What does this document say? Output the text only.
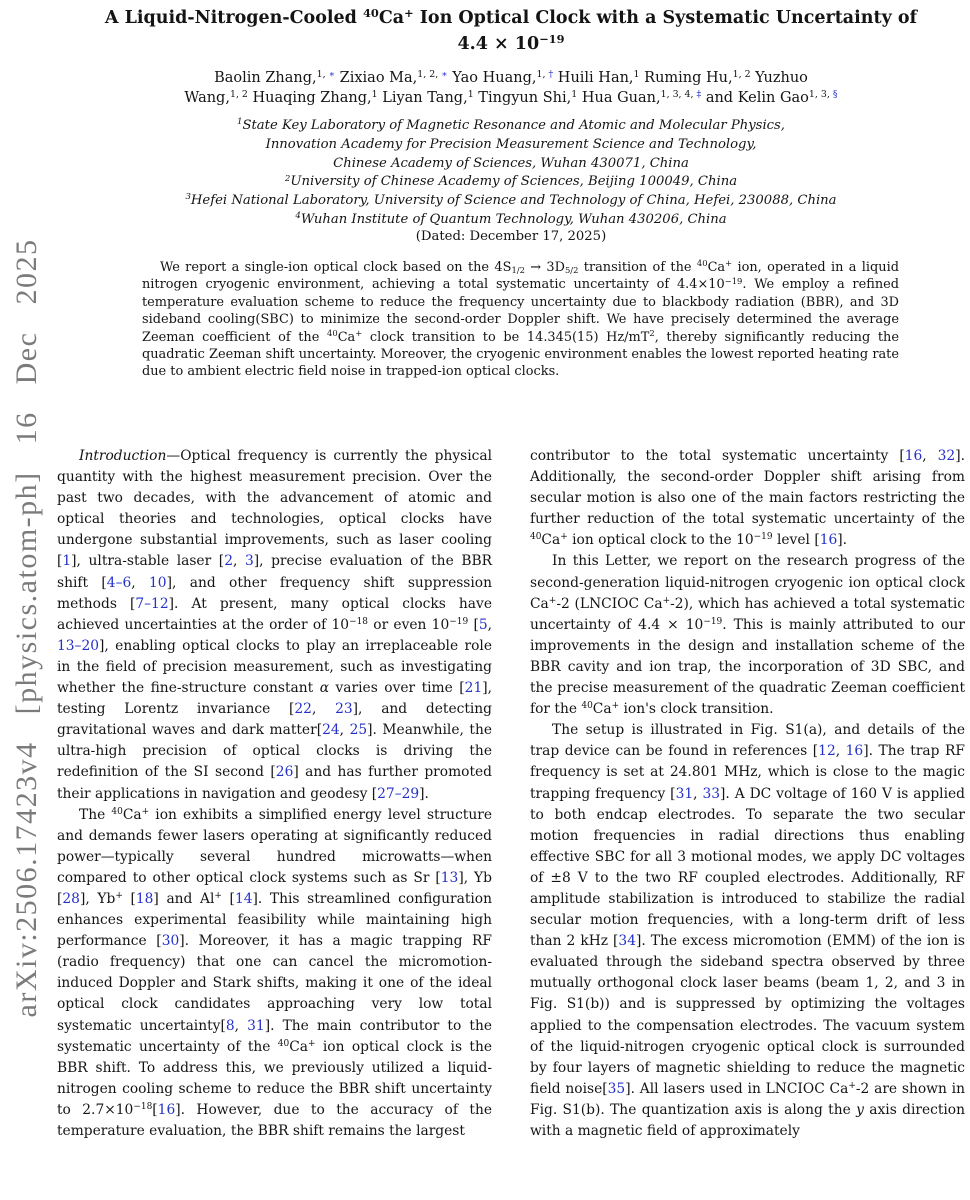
arXiv:2506.17423v4 [physics.atom-ph] 16 Dec 2025
A Liquid-Nitrogen-Cooled $^{40}$Ca+ Ion Optical Clock with a Systematic Uncertainty of
$4.4 \times 10^{-19}$
Baolin Zhang,$^{1,}$ ∗ Zixiao Ma,$^{1, 2,}$ ∗ Yao Huang,$^{1,}$ † Huili Han,$^1$ Ruming Hu,$^{1, 2}$ Yuzhuo
Wang,$^{1, 2}$ Huaqing Zhang,$^1$ Liyan Tang,$^1$ Tingyun Shi,$^1$ Hua Guan,$^{1, 3, 4,}$ ‡ and Kelin Gao$^{1, 3,}$ §
$^1$State Key Laboratory of Magnetic Resonance and Atomic and Molecular Physics,
Innovation Academy for Precision Measurement Science and Technology,
Chinese Academy of Sciences, Wuhan 430071, China
$^2$University of Chinese Academy of Sciences, Beijing 100049, China
$^3$Hefei National Laboratory, University of Science and Technology of China, Hefei, 230088, China
$^4$Wuhan Institute of Quantum Technology, Wuhan 430206, China
(Dated: December 17, 2025)
We report a single-ion optical clock based on the 4S1/2 → 3D5/2 transition of the $^{40}$Ca+ ion, operated in a liquid nitrogen cryogenic environment, achieving a total systematic uncertainty of $4.4\times 10^{-19}$. We employ a refined temperature evaluation scheme to reduce the frequency uncertainty due to blackbody radiation (BBR), and 3D sideband cooling(SBC) to minimize the second-order Doppler shift. We have precisely determined the average Zeeman coefficient of the $^{40}$Ca+ clock transition to be 14.345(15) $Hz/mT^2$, thereby significantly reducing the quadratic Zeeman shift uncertainty. Moreover, the cryogenic environment enables the lowest reported heating rate due to ambient electric field noise in trapped-ion optical clocks.

Introduction—Optical frequency is currently the physical quantity with the highest measurement precision. Over the past two decades, with the advancement of atomic and optical theories and technologies, optical clocks have undergone substantial improvements, such as laser cooling [1], ultra-stable laser [2, 3], precise evaluation of the BBR shift [4–6, 10], and other frequency shift suppression methods [7–12]. At present, many optical clocks have achieved uncertainties at the order of $10^{-18}$ or even $10^{-19}$ [5, 13–20], enabling optical clocks to play an irreplaceable role in the field of precision measurement, such as investigating whether the fine-structure constant α varies over time [21], testing Lorentz invariance [22, 23], and detecting gravitational waves and dark matter[24, 25]. Meanwhile, the ultra-high precision of optical clocks is driving the redefinition of the SI second [26] and has further promoted their applications in navigation and geodesy [27–29].

The $^{40}$Ca+ ion exhibits a simplified energy level structure and demands fewer lasers operating at significantly reduced power—typically several hundred microwatts—when compared to other optical clock systems such as Sr [13], Yb [28], Yb+ [18] and Al+ [14]. This streamlined configuration enhances experimental feasibility while maintaining high performance [30]. Moreover, it has a magic trapping RF (radio frequency) that one can cancel the micromotion-induced Doppler and Stark shifts, making it one of the ideal optical clock candidates approaching very low total systematic uncertainty[8, 31]. The main contributor to the systematic uncertainty of the $^{40}$Ca+ ion optical clock is the BBR shift. To address this, we previously utilized a liquid-nitrogen cooling scheme to reduce the BBR shift uncertainty to $2.7\times 10^{-18}[16]$. However, due to the accuracy of the temperature evaluation, the BBR shift remains the largest

contributor to the total systematic uncertainty [16, 32]. Additionally, the second-order Doppler shift arising from secular motion is also one of the main factors restricting the further reduction of the total systematic uncertainty of the $^{40}$Ca+ ion optical clock to the $10^{-19}$ level [16].

In this Letter, we report on the research progress of the second-generation liquid-nitrogen cryogenic ion optical clock Ca+-2 (LNCIOC Ca+-2), which has achieved a total systematic uncertainty of $4.4 \times 10^{-19}$. This is mainly attributed to our improvements in the design and installation scheme of the BBR cavity and ion trap, the incorporation of 3D SBC, and the precise measurement of the quadratic Zeeman coefficient for the $^{40}$Ca+ ion's clock transition.

The setup is illustrated in Fig. S1(a), and details of the trap device can be found in references [12, 16]. The trap RF frequency is set at 24.801 MHz, which is close to the magic trapping frequency [31, 33]. A DC voltage of 160 V is applied to both endcap electrodes. To separate the two secular motion frequencies in radial directions thus enabling effective SBC for all 3 motional modes, we apply DC voltages of ±8 V to the two RF coupled electrodes. Additionally, RF amplitude stabilization is introduced to stabilize the radial secular motion frequencies, with a long-term drift of less than 2 kHz [34]. The excess micromotion (EMM) of the ion is evaluated through the sideband spectra observed by three mutually orthogonal clock laser beams (beam 1, 2, and 3 in Fig. S1(b)) and is suppressed by optimizing the voltages applied to the compensation electrodes. The vacuum system of the liquid-nitrogen cryogenic optical clock is surrounded by four layers of magnetic shielding to reduce the magnetic field noise[35]. All lasers used in LNCIOC Ca+-2 are shown in Fig. S1(b). The quantization axis is along the y axis direction with a magnetic field of approximately
